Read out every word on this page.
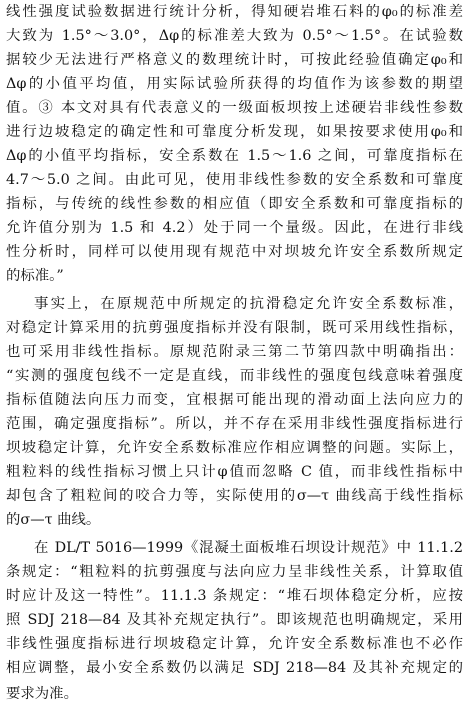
线性强度试验数据进行统计分析，得知硬岩堆石料的φ₀的标准差
大致为 1.5°～3.0°，Δφ的标准差大致为 0.5°～1.5°。在试验数
据较少无法进行严格意义的数理统计时，可按此经验值确定φ₀和
Δφ的小值平均值，用实际试验所获得的均值作为该参数的期望
值。③ 本文对具有代表意义的一级面板坝按上述硬岩非线性参数
进行边坡稳定的确定性和可靠度分析发现，如果按要求使用φ₀和
Δφ的小值平均指标，安全系数在 1.5～1.6 之间，可靠度指标在
4.7～5.0 之间。由此可见，使用非线性参数的安全系数和可靠度
指标，与传统的线性参数的相应值（即安全系数和可靠度指标的
允许值分别为 1.5 和 4.2）处于同一个量级。因此，在进行非线
性分析时，同样可以使用现有规范中对坝坡允许安全系数所规定
的标准。”
事实上，在原规范中所规定的抗滑稳定允许安全系数标准，
对稳定计算采用的抗剪强度指标并没有限制，既可采用线性指标，
也可采用非线性指标。原规范附录三第二节第四款中明确指出：
“实测的强度包线不一定是直线，而非线性的强度包线意味着强度
指标值随法向压力而变，宜根据可能出现的滑动面上法向应力的
范围，确定强度指标”。所以，并不存在采用非线性强度指标进行
坝坡稳定计算，允许安全系数标准应作相应调整的问题。实际上，
粗粒料的线性指标习惯上只计φ值而忽略 C 值，而非线性指标中
却包含了粗粒间的咬合力等，实际使用的σ—τ 曲线高于线性指标
的σ—τ 曲线。
在 DL/T 5016—1999《混凝土面板堆石坝设计规范》中 11.1.2
条规定：“粗粒料的抗剪强度与法向应力呈非线性关系，计算取值
时应计及这一特性”。11.1.3 条规定：“堆石坝体稳定分析，应按
照 SDJ 218—84 及其补充规定执行”。即该规范也明确规定，采用
非线性强度指标进行坝坡稳定计算，允许安全系数标准也不必作
相应调整，最小安全系数仍以满足 SDJ 218—84 及其补充规定的
要求为准。
